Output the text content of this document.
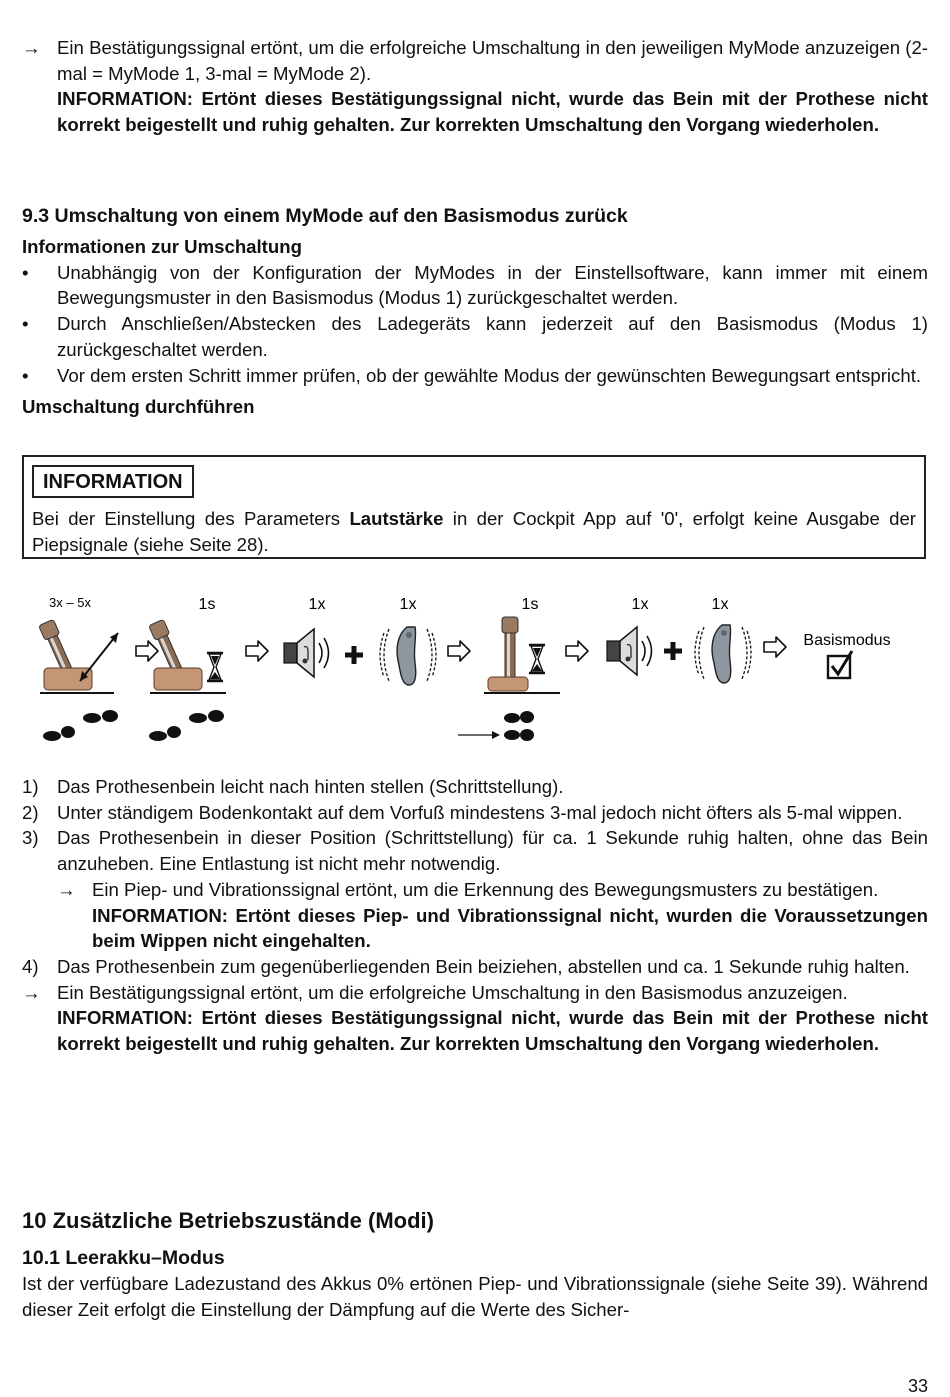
→ Ein Bestätigungssignal ertönt, um die erfolgreiche Umschaltung in den jeweiligen MyMode anzuzeigen (2-mal = MyMode 1, 3-mal = MyMode 2).
INFORMATION: Ertönt dieses Bestätigungssignal nicht, wurde das Bein mit der Prothese nicht korrekt beigestellt und ruhig gehalten. Zur korrekten Umschaltung den Vorgang wiederholen.
9.3 Umschaltung von einem MyMode auf den Basismodus zurück
Informationen zur Umschaltung
• Unabhängig von der Konfiguration der MyModes in der Einstellsoftware, kann immer mit einem Bewegungsmuster in den Basismodus (Modus 1) zurückgeschaltet werden.
• Durch Anschließen/Abstecken des Ladegeräts kann jederzeit auf den Basismodus (Modus 1) zurückgeschaltet werden.
• Vor dem ersten Schritt immer prüfen, ob der gewählte Modus der gewünschten Bewegungsart entspricht.
Umschaltung durchführen
INFORMATION
Bei der Einstellung des Parameters Lautstärke in der Cockpit App auf '0', erfolgt keine Ausgabe der Piepsignale (siehe Seite 28).
3x – 5x	1s	1x	1x	1s	1x	1x
Basismodus
1) Das Prothesenbein leicht nach hinten stellen (Schrittstellung).
2) Unter ständigem Bodenkontakt auf dem Vorfuß mindestens 3-mal jedoch nicht öfters als 5-mal wippen.
3) Das Prothesenbein in dieser Position (Schrittstellung) für ca. 1 Sekunde ruhig halten, ohne das Bein anzuheben. Eine Entlastung ist nicht mehr notwendig.
→ Ein Piep- und Vibrationssignal ertönt, um die Erkennung des Bewegungsmusters zu bestätigen.
INFORMATION: Ertönt dieses Piep- und Vibrationssignal nicht, wurden die Voraussetzungen beim Wippen nicht eingehalten.
4) Das Prothesenbein zum gegenüberliegenden Bein beiziehen, abstellen und ca. 1 Sekunde ruhig halten.
→ Ein Bestätigungssignal ertönt, um die erfolgreiche Umschaltung in den Basismodus anzuzeigen.
INFORMATION: Ertönt dieses Bestätigungssignal nicht, wurde das Bein mit der Prothese nicht korrekt beigestellt und ruhig gehalten. Zur korrekten Umschaltung den Vorgang wiederholen.
10 Zusätzliche Betriebszustände (Modi)
10.1 Leerakku–Modus
Ist der verfügbare Ladezustand des Akkus 0% ertönen Piep- und Vibrationssignale (siehe Seite 39). Während dieser Zeit erfolgt die Einstellung der Dämpfung auf die Werte des Sicher-
33
